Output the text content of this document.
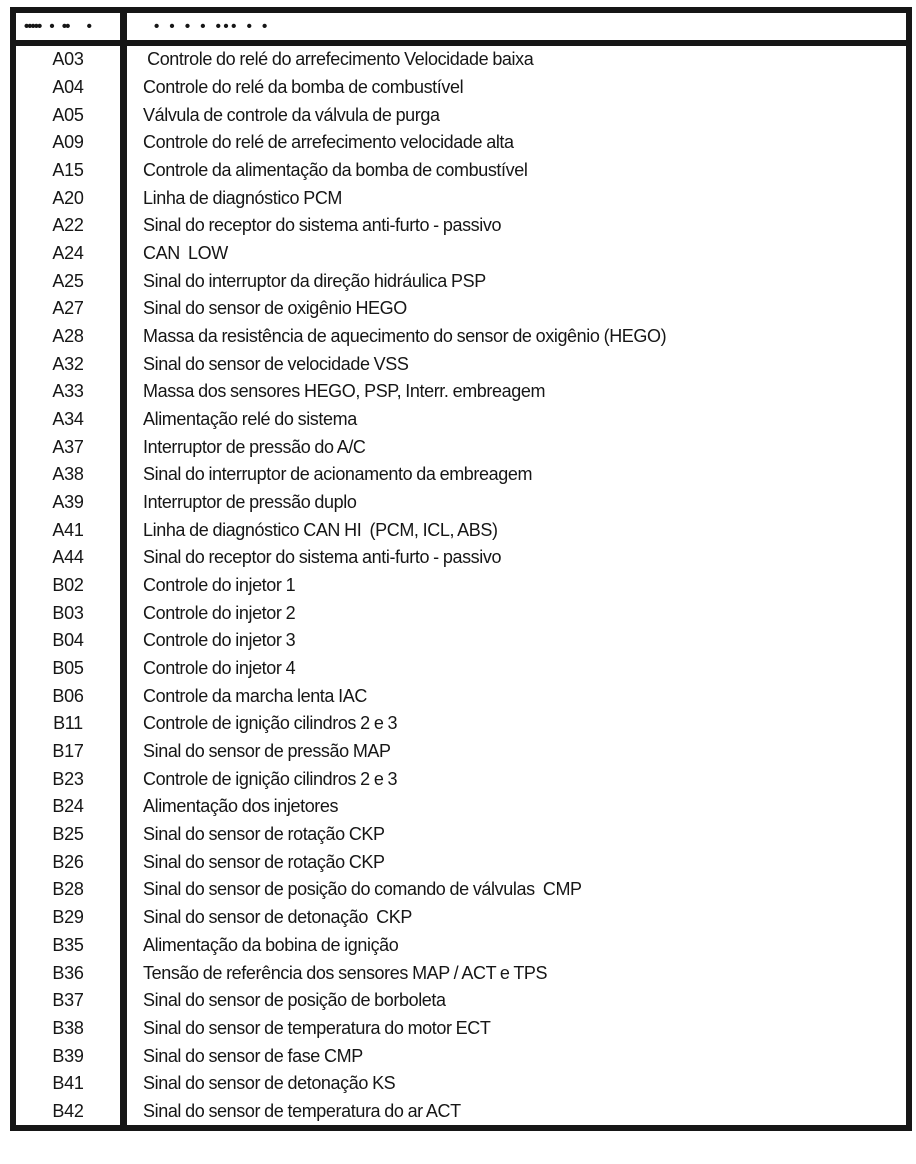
••••• • ••  •	• • • • ••• • •
A03	Controle do relé do arrefecimento Velocidade baixa
A04	Controle do relé da bomba de combustível
A05	Válvula de controle da válvula de purga
A09	Controle do relé de arrefecimento velocidade alta
A15	Controle da alimentação da bomba de combustível
A20	Linha de diagnóstico PCM
A22	Sinal do receptor do sistema anti-furto - passivo
A24	CAN  LOW
A25	Sinal do interruptor da direção hidráulica PSP
A27	Sinal do sensor de oxigênio HEGO
A28	Massa da resistência de aquecimento do sensor de oxigênio (HEGO)
A32	Sinal do sensor de velocidade VSS
A33	Massa dos sensores HEGO, PSP, Interr. embreagem
A34	Alimentação relé do sistema
A37	Interruptor de pressão do A/C
A38	Sinal do interruptor de acionamento da embreagem
A39	Interruptor de pressão duplo
A41	Linha de diagnóstico CAN HI  (PCM, ICL, ABS)
A44	Sinal do receptor do sistema anti-furto - passivo
B02	Controle do injetor 1
B03	Controle do injetor 2
B04	Controle do injetor 3
B05	Controle do injetor 4
B06	Controle da marcha lenta IAC
B11	Controle de ignição cilindros 2 e 3
B17	Sinal do sensor de pressão MAP
B23	Controle de ignição cilindros 2 e 3
B24	Alimentação dos injetores
B25	Sinal do sensor de rotação CKP
B26	Sinal do sensor de rotação CKP
B28	Sinal do sensor de posição do comando de válvulas  CMP
B29	Sinal do sensor de detonação  CKP
B35	Alimentação da bobina de ignição
B36	Tensão de referência dos sensores MAP / ACT e TPS
B37	Sinal do sensor de posição de borboleta
B38	Sinal do sensor de temperatura do motor ECT
B39	Sinal do sensor de fase CMP
B41	Sinal do sensor de detonação KS
B42	Sinal do sensor de temperatura do ar ACT
